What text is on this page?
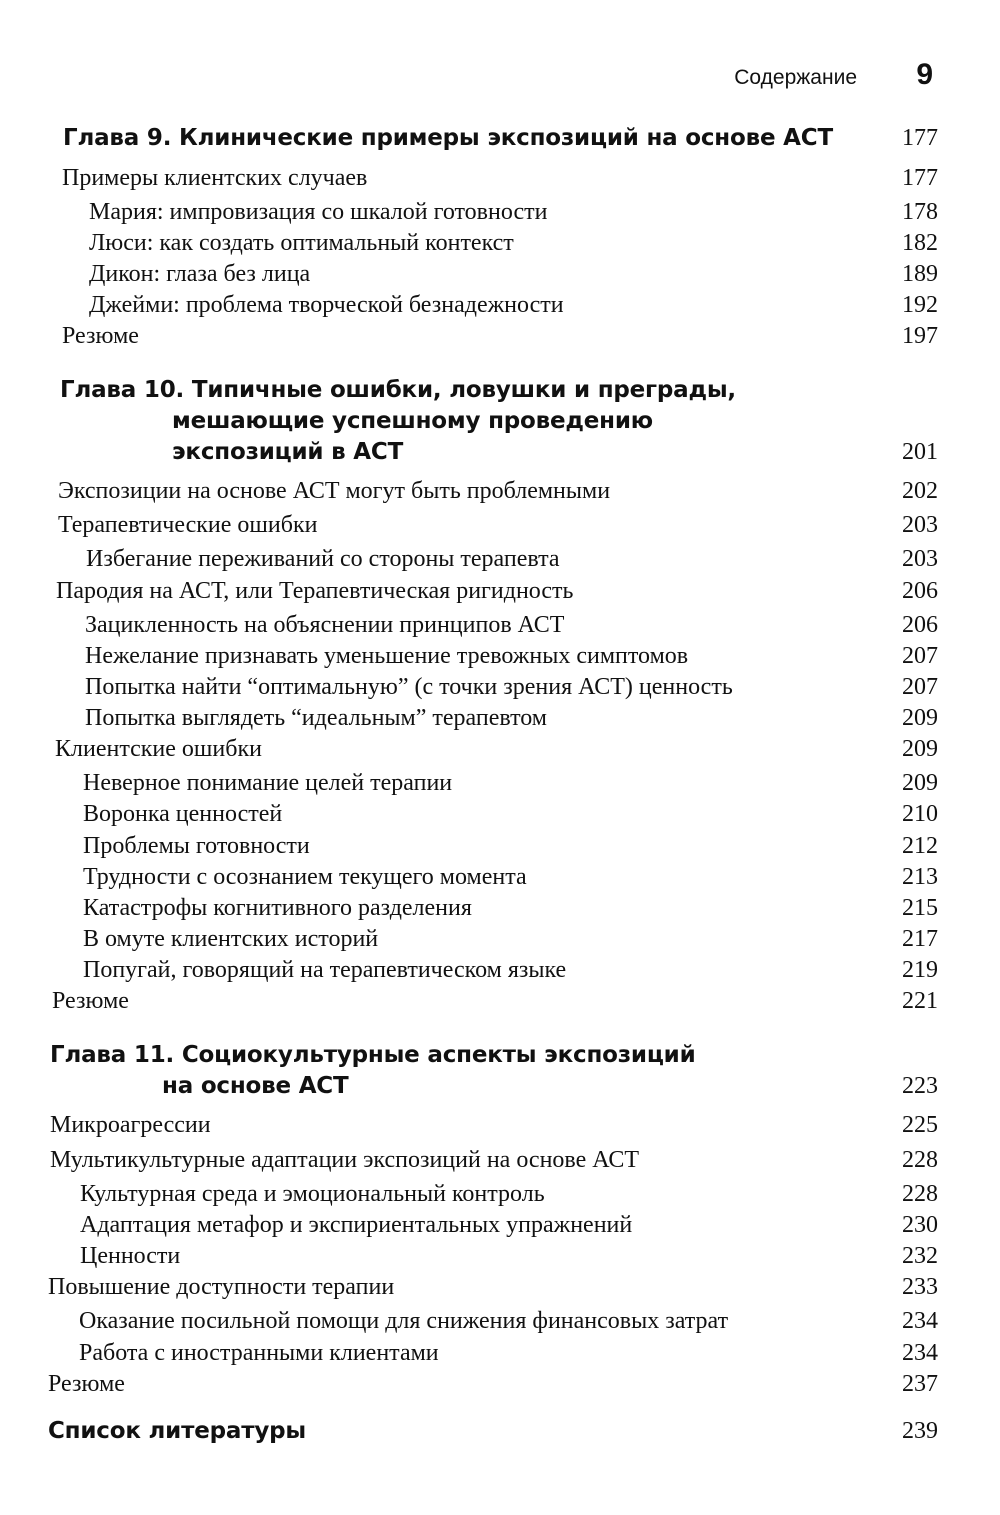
Содержание 9
Глава 9. Клинические примеры экспозиций на основе АСТ	177
Примеры клиентских случаев	177
Мария: импровизация со шкалой готовности	178
Люси: как создать оптимальный контекст	182
Дикон: глаза без лица	189
Джейми: проблема творческой безнадежности	192
Резюме	197
Глава 10. Типичные ошибки, ловушки и преграды,
мешающие успешному проведению
экспозиций в АСТ	201
Экспозиции на основе АСТ могут быть проблемными	202
Терапевтические ошибки	203
Избегание переживаний со стороны терапевта	203
Пародия на АСТ, или Терапевтическая ригидность	206
Зацикленность на объяснении принципов АСТ	206
Нежелание признавать уменьшение тревожных симптомов	207
Попытка найти “оптимальную” (с точки зрения АСТ) ценность	207
Попытка выглядеть “идеальным” терапевтом	209
Клиентские ошибки	209
Неверное понимание целей терапии	209
Воронка ценностей	210
Проблемы готовности	212
Трудности с осознанием текущего момента	213
Катастрофы когнитивного разделения	215
В омуте клиентских историй	217
Попугай, говорящий на терапевтическом языке	219
Резюме	221
Глава 11. Социокультурные аспекты экспозиций
на основе АСТ	223
Микроагрессии	225
Мультикультурные адаптации экспозиций на основе АСТ	228
Культурная среда и эмоциональный контроль	228
Адаптация метафор и экспириентальных упражнений	230
Ценности	232
Повышение доступности терапии	233
Оказание посильной помощи для снижения финансовых затрат	234
Работа с иностранными клиентами	234
Резюме	237
Список литературы	239
